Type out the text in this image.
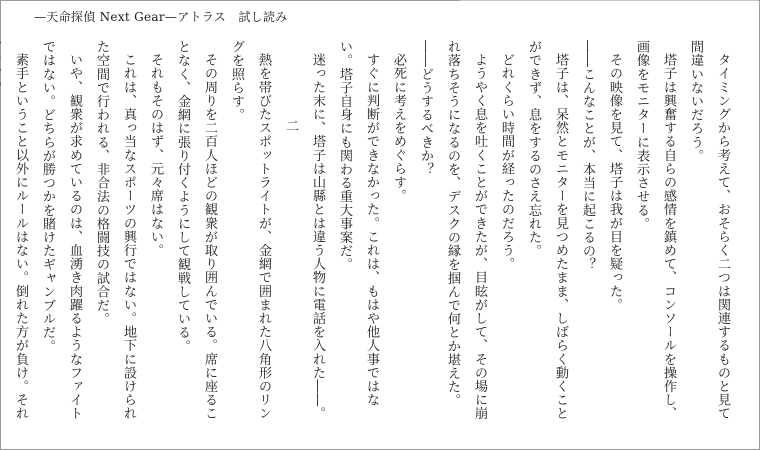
—天命探偵 Next Gear—アトラス　試し読み

タイミングから考えて、おそらく二つは関連するものと見て間違いないだろう。

塔子は興奮する自らの感情を鎮めて、コンソールを操作し、画像をモニターに表示させる。

その映像を見て、塔子は我が目を疑った。

――こんなことが、本当に起こるの？

塔子は、呆然とモニターを見つめたまま、しばらく動くことができず、息をするのさえ忘れた。

どれくらい時間が経ったのだろう。

ようやく息を吐くことができたが、目眩がして、その場に崩れ落ちそうになるのを、デスクの縁を掴んで何とか堪えた。

――どうするべきか？

必死に考えをめぐらす。

すぐに判断ができなかった。これは、もはや他人事ではない。塔子自身にも関わる重大事案だ。

迷った末に、塔子は山縣とは違う人物に電話を入れた――。

二

熱を帯びたスポットライトが、金網で囲まれた八角形のリングを照らす。

その周りを二百人ほどの観衆が取り囲んでいる。席に座ることなく、金網に張り付くようにして観戦している。

それもそのはず、元々席はない。

これは、真っ当なスポーツの興行ではない。地下に設けられた空間で行われる、非合法の格闘技の試合だ。

いや、観衆が求めているのは、血湧き肉躍るようなファイトではない。どちらが勝つかを賭けたギャンブルだ。

素手ということ以外にルールはない。倒れた方が負け。それ
